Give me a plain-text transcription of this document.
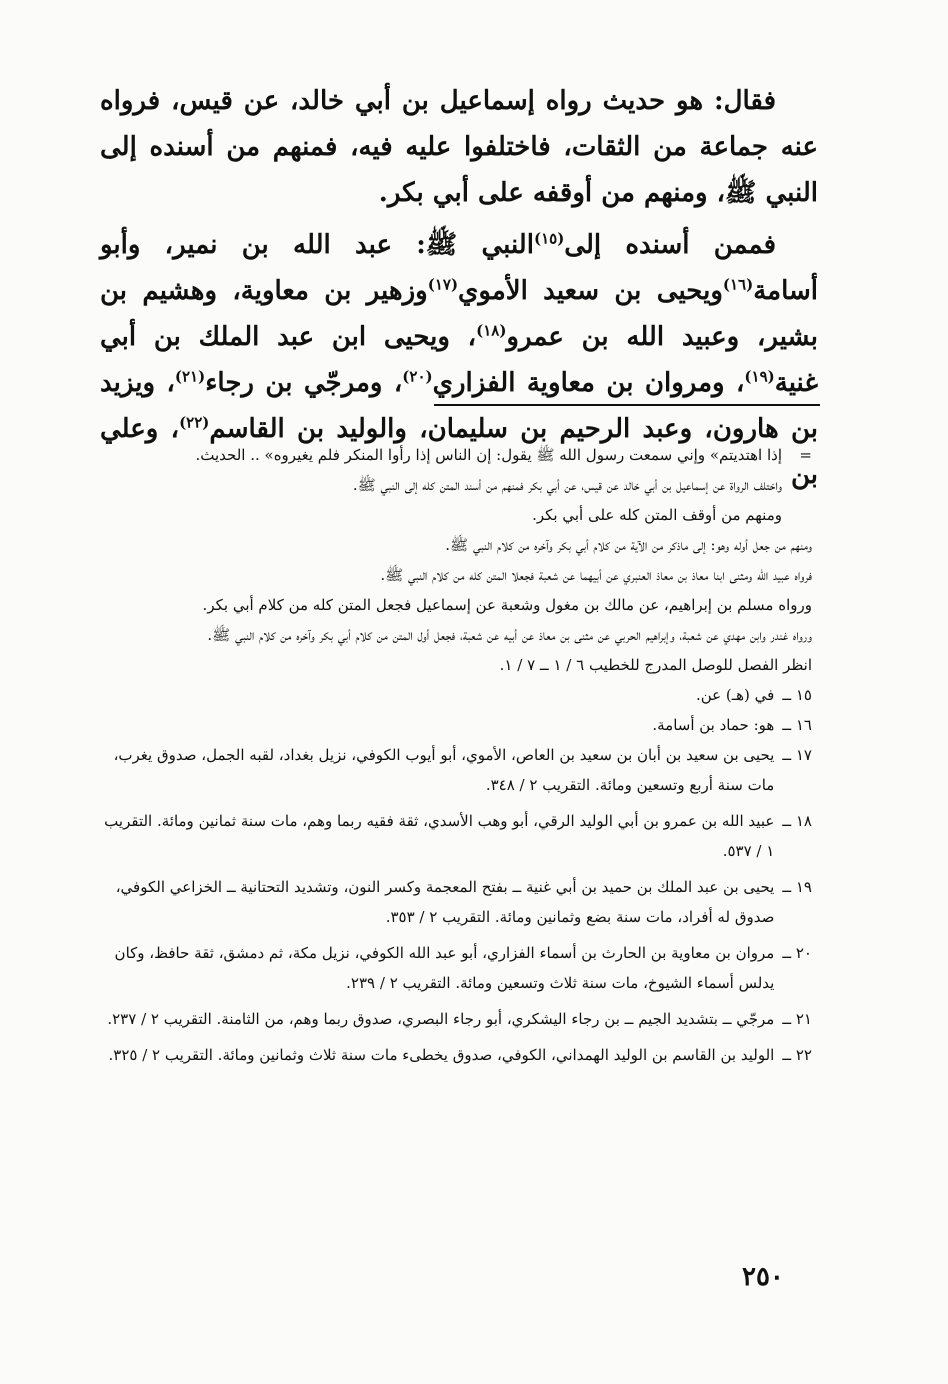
فقال: هو حديث رواه إسماعيل بن أبي خالد، عن قيس، فرواه عنه جماعة من الثقات، فاختلفوا عليه فيه، فمنهم من أسنده إلى النبي ﷺ، ومنهم من أوقفه على أبي بكر.

فممن أسنده إلى$^{(١٥)}$النبي ﷺ: عبد الله بن نمير، وأبو أسامة$^{(١٦)}$ويحيى بن سعيد الأموي$^{(١٧)}$وزهير بن معاوية، وهشيم بن بشير، وعبيد الله بن عمرو$^{(١٨)}$، ويحيى ابن عبد الملك بن أبي غنية$^{(١٩)}$، ومروان بن معاوية الفزاري$^{(٢٠)}$، ومرجّي بن رجاء$^{(٢١)}$، ويزيد بن هارون، وعبد الرحيم بن سليمان، والوليد بن القاسم$^{(٢٢)}$، وعلي بن

=
إذا اهتديتم» وإني سمعت رسول الله ﷺ يقول: إن الناس إذا رأوا المنكر فلم يغيروه» .. الحديث.

واختلف الرواة عن إسماعيل بن أبي خالد عن قيس، عن أبي بكر فمنهم من أسند المتن كله إلى النبي ﷺ.

ومنهم من أوقف المتن كله على أبي بكر.

ومنهم من جعل أوله وهو: إلى ماذكر من الآية من كلام أبي بكر وآخره من كلام النبي ﷺ.

فرواه عبيد الله ومثنى ابنا معاذ بن معاذ العنبري عن أبيهما عن شعبة فجعلا المتن كله من كلام النبي ﷺ.

ورواه مسلم بن إبراهيم، عن مالك بن مغول وشعبة عن إسماعيل فجعل المتن كله من كلام أبي بكر.

ورواه غندر وابن مهدي عن شعبة، وإبراهيم الحربي عن مثنى بن معاذ عن أبيه عن شعبة، فجعل أول المتن من كلام أبي بكر وآخره من كلام النبي ﷺ.

انظر الفصل للوصل المدرج للخطيب ٦ / ١ ــ ٧ / ١.

١٥ ــ
في (هـ) عن.
١٦ ــ
هو: حماد بن أسامة.
١٧ ــ
يحيى بن سعيد بن أبان بن سعيد بن العاص، الأموي، أبو أيوب الكوفي، نزيل بغداد، لقبه الجمل، صدوق يغرب، مات سنة أربع وتسعين ومائة. التقريب ٢ / ٣٤٨.
١٨ ــ
عبيد الله بن عمرو بن أبي الوليد الرقي، أبو وهب الأسدي، ثقة فقيه ربما وهم، مات سنة ثمانين ومائة. التقريب ١ / ٥٣٧.
١٩ ــ
يحيى بن عبد الملك بن حميد بن أبي غنية ــ بفتح المعجمة وكسر النون، وتشديد التحتانية ــ الخزاعي الكوفي، صدوق له أفراد، مات سنة بضع وثمانين ومائة. التقريب ٢ / ٣٥٣.
٢٠ ــ
مروان بن معاوية بن الحارث بن أسماء الفزاري، أبو عبد الله الكوفي، نزيل مكة، ثم دمشق، ثقة حافظ، وكان يدلس أسماء الشيوخ، مات سنة ثلاث وتسعين ومائة. التقريب ٢ / ٢٣٩.
٢١ ــ
مرجّي ــ بتشديد الجيم ــ بن رجاء اليشكري، أبو رجاء البصري، صدوق ربما وهم، من الثامنة. التقريب ٢ / ٢٣٧.
٢٢ ــ
الوليد بن القاسم بن الوليد الهمداني، الكوفي، صدوق يخطىء مات سنة ثلاث وثمانين ومائة. التقريب ٢ / ٣٢٥.
٢٥٠
